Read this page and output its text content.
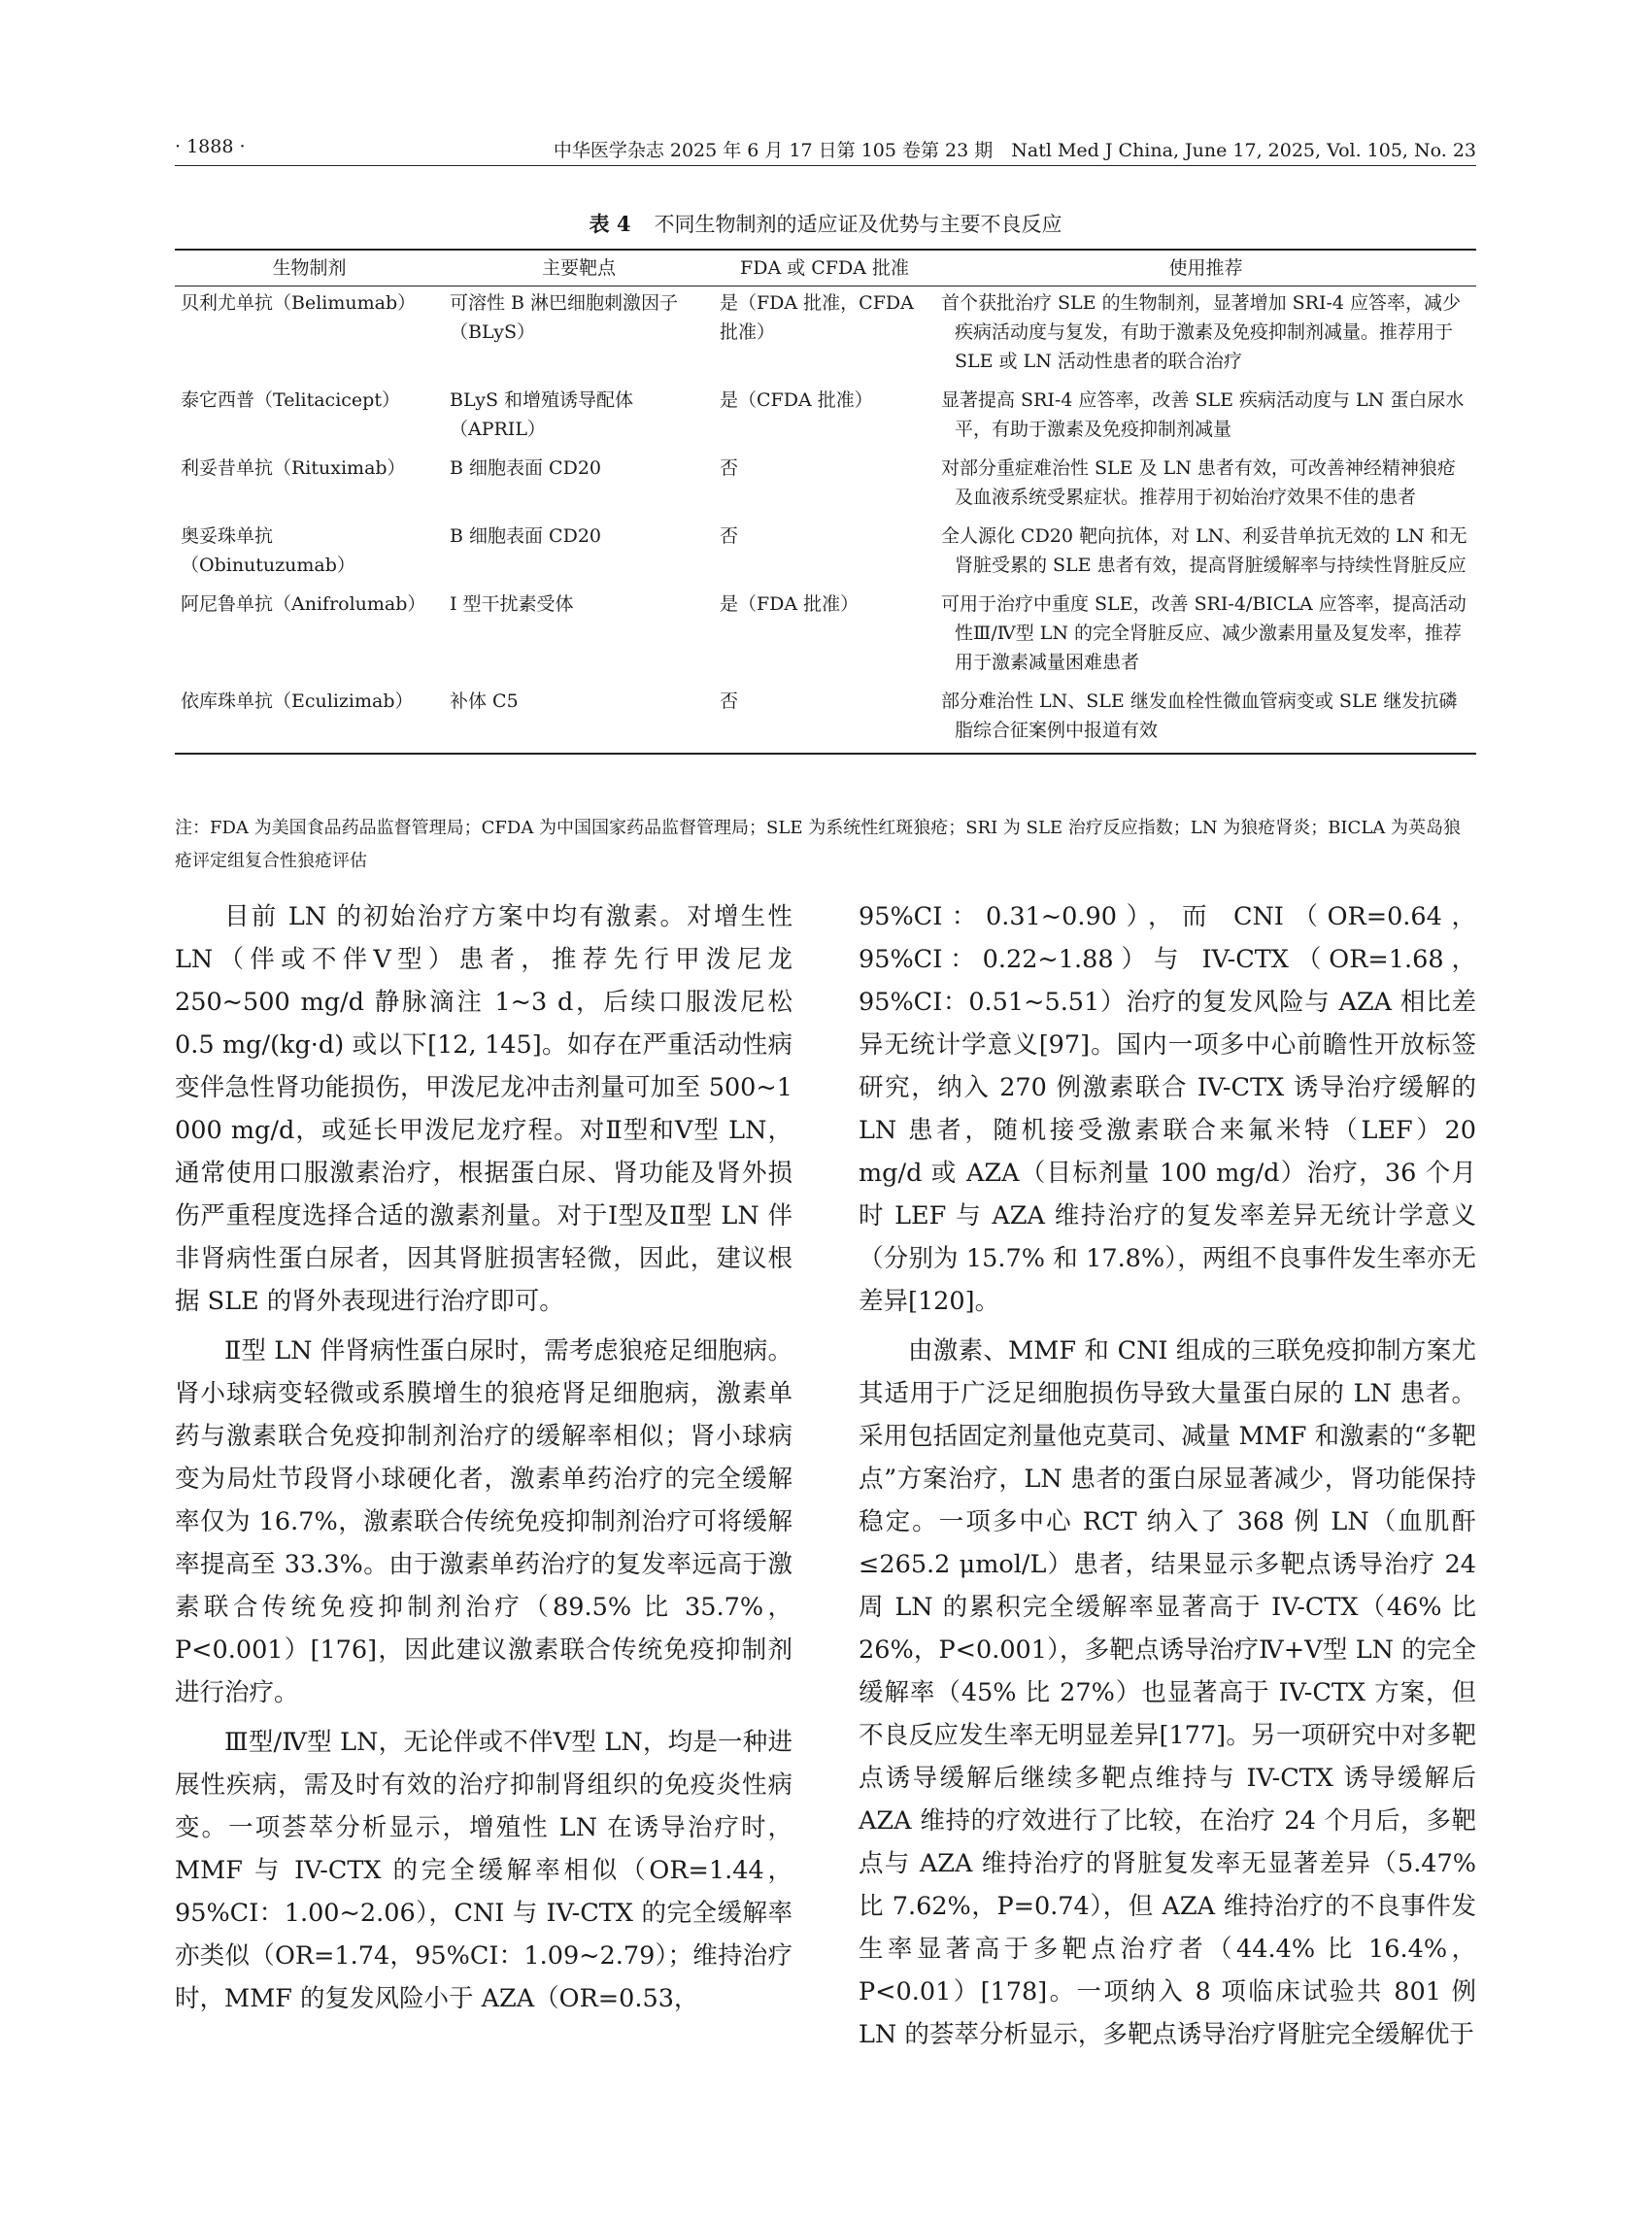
· 1888 ·	中华医学杂志 2025 年 6 月 17 日第 105 卷第 23 期　Natl Med J China, June 17, 2025, Vol. 105, No. 23
表 4 不同生物制剂的适应证及优势与主要不良反应
生物制剂	主要靶点	FDA 或 CFDA 批准	使用推荐
贝利尤单抗（Belimumab）	可溶性 B 淋巴细胞刺激因子（BLyS）	是（FDA 批准，CFDA 批准）	首个获批治疗 SLE 的生物制剂，显著增加 SRI-4 应答率，减少疾病活动度与复发，有助于激素及免疫抑制剂减量。推荐用于 SLE 或 LN 活动性患者的联合治疗
泰它西普（Telitacicept）	BLyS 和增殖诱导配体（APRIL）	是（CFDA 批准）	显著提高 SRI-4 应答率，改善 SLE 疾病活动度与 LN 蛋白尿水平，有助于激素及免疫抑制剂减量
利妥昔单抗（Rituximab）	B 细胞表面 CD20	否	对部分重症难治性 SLE 及 LN 患者有效，可改善神经精神狼疮及血液系统受累症状。推荐用于初始治疗效果不佳的患者
奥妥珠单抗（Obinutuzumab）	B 细胞表面 CD20	否	全人源化 CD20 靶向抗体，对 LN、利妥昔单抗无效的 LN 和无肾脏受累的 SLE 患者有效，提高肾脏缓解率与持续性肾脏反应
阿尼鲁单抗（Anifrolumab）	Ⅰ 型干扰素受体	是（FDA 批准）	可用于治疗中重度 SLE，改善 SRI-4/BICLA 应答率，提高活动性Ⅲ/Ⅳ型 LN 的完全肾脏反应、减少激素用量及复发率，推荐用于激素减量困难患者
依库珠单抗（Eculizimab）	补体 C5	否	部分难治性 LN、SLE 继发血栓性微血管病变或 SLE 继发抗磷脂综合征案例中报道有效
注：FDA 为美国食品药品监督管理局；CFDA 为中国国家药品监督管理局；SLE 为系统性红斑狼疮；SRI 为 SLE 治疗反应指数；LN 为狼疮肾炎；BICLA 为英岛狼疮评定组复合性狼疮评估

目前 LN 的初始治疗方案中均有激素。对增生性 LN（伴或不伴Ⅴ型）患者，推荐先行甲泼尼龙 250~500 mg/d 静脉滴注 1~3 d，后续口服泼尼松 0.5 mg/(kg·d) 或以下[12, 145]。如存在严重活动性病变伴急性肾功能损伤，甲泼尼龙冲击剂量可加至 500~1 000 mg/d，或延长甲泼尼龙疗程。对Ⅱ型和Ⅴ型 LN，通常使用口服激素治疗，根据蛋白尿、肾功能及肾外损伤严重程度选择合适的激素剂量。对于Ⅰ型及Ⅱ型 LN 伴非肾病性蛋白尿者，因其肾脏损害轻微，因此，建议根据 SLE 的肾外表现进行治疗即可。

Ⅱ型 LN 伴肾病性蛋白尿时，需考虑狼疮足细胞病。肾小球病变轻微或系膜增生的狼疮肾足细胞病，激素单药与激素联合免疫抑制剂治疗的缓解率相似；肾小球病变为局灶节段肾小球硬化者，激素单药治疗的完全缓解率仅为 16.7%，激素联合传统免疫抑制剂治疗可将缓解率提高至 33.3%。由于激素单药治疗的复发率远高于激素联合传统免疫抑制剂治疗（89.5% 比 35.7%，P<0.001）[176]，因此建议激素联合传统免疫抑制剂进行治疗。

Ⅲ型/Ⅳ型 LN，无论伴或不伴Ⅴ型 LN，均是一种进展性疾病，需及时有效的治疗抑制肾组织的免疫炎性病变。一项荟萃分析显示，增殖性 LN 在诱导治疗时，MMF 与 IV-CTX 的完全缓解率相似（OR=1.44，95%CI：1.00~2.06），CNI 与 IV-CTX 的完全缓解率亦类似（OR=1.74，95%CI：1.09~2.79）；维持治疗时，MMF 的复发风险小于 AZA（OR=0.53，

95%CI：0.31~0.90），而 CNI（OR=0.64，95%CI：0.22~1.88）与 IV-CTX（OR=1.68，95%CI：0.51~5.51）治疗的复发风险与 AZA 相比差异无统计学意义[97]。国内一项多中心前瞻性开放标签研究，纳入 270 例激素联合 IV-CTX 诱导治疗缓解的 LN 患者，随机接受激素联合来氟米特（LEF）20 mg/d 或 AZA（目标剂量 100 mg/d）治疗，36 个月时 LEF 与 AZA 维持治疗的复发率差异无统计学意义（分别为 15.7% 和 17.8%），两组不良事件发生率亦无差异[120]。

由激素、MMF 和 CNI 组成的三联免疫抑制方案尤其适用于广泛足细胞损伤导致大量蛋白尿的 LN 患者。采用包括固定剂量他克莫司、减量 MMF 和激素的“多靶点”方案治疗，LN 患者的蛋白尿显著减少，肾功能保持稳定。一项多中心 RCT 纳入了 368 例 LN（血肌酐≤265.2 μmol/L）患者，结果显示多靶点诱导治疗 24 周 LN 的累积完全缓解率显著高于 IV-CTX（46% 比 26%，P<0.001），多靶点诱导治疗Ⅳ+Ⅴ型 LN 的完全缓解率（45% 比 27%）也显著高于 IV-CTX 方案，但不良反应发生率无明显差异[177]。另一项研究中对多靶点诱导缓解后继续多靶点维持与 IV-CTX 诱导缓解后 AZA 维持的疗效进行了比较，在治疗 24 个月后，多靶点与 AZA 维持治疗的肾脏复发率无显著差异（5.47% 比 7.62%，P=0.74），但 AZA 维持治疗的不良事件发生率显著高于多靶点治疗者（44.4% 比 16.4%，P<0.01）[178]。一项纳入 8 项临床试验共 801 例 LN 的荟萃分析显示，多靶点诱导治疗肾脏完全缓解优于
